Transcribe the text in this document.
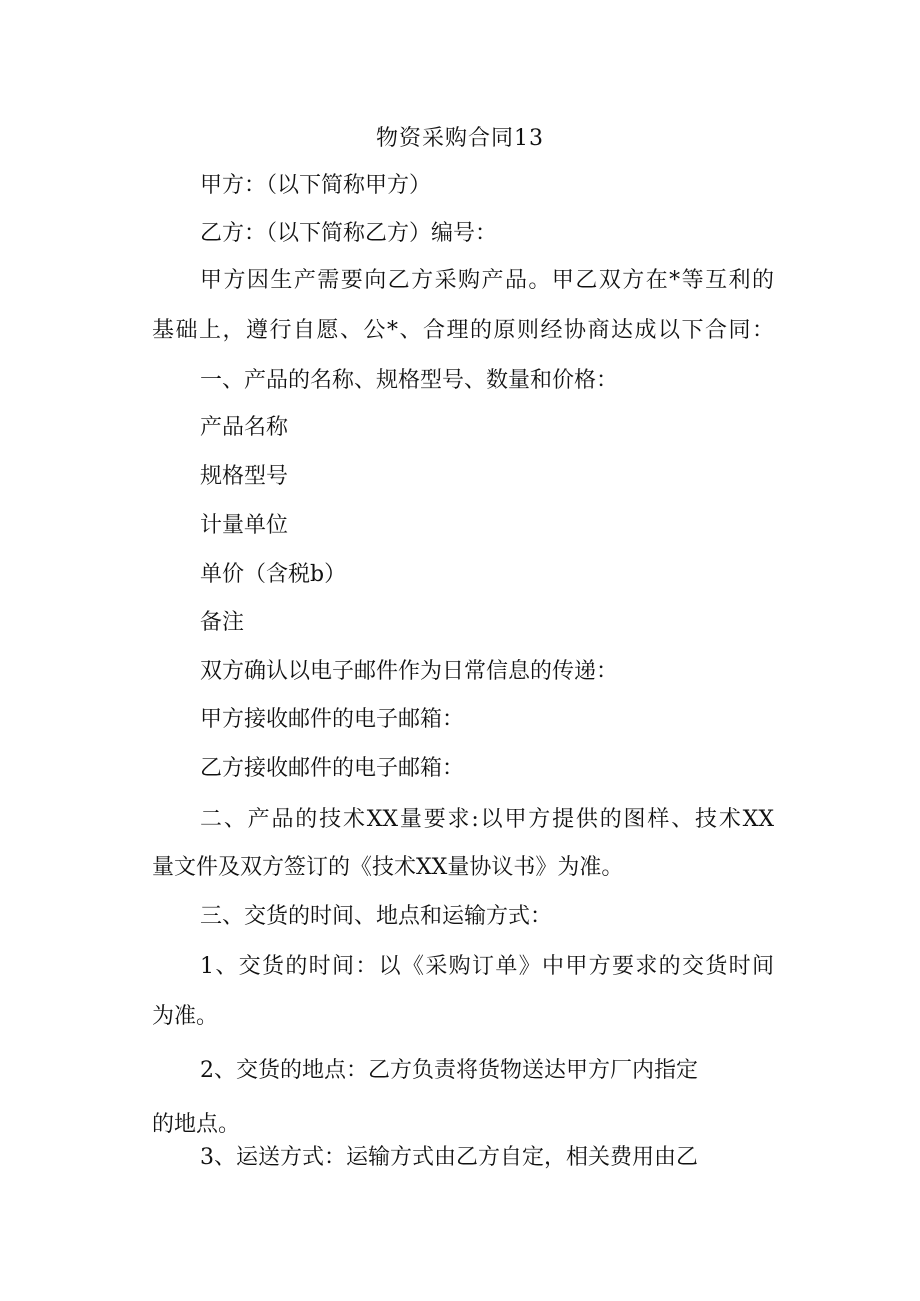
物资采购合同13
甲方：（以下简称甲方）
乙方：（以下简称乙方）编号：
甲方因生产需要向乙方采购产品。甲乙双方在*等互利的
基础上，遵行自愿、公*、合理的原则经协商达成以下合同：
一、产品的名称、规格型号、数量和价格：
产品名称
规格型号
计量单位
单价（含税b）
备注
双方确认以电子邮件作为日常信息的传递：
甲方接收邮件的电子邮箱：
乙方接收邮件的电子邮箱：
二、产品的技术XX量要求:以甲方提供的图样、技术XX
量文件及双方签订的《技术XX量协议书》为准。
三、交货的时间、地点和运输方式：
1、交货的时间：以《采购订单》中甲方要求的交货时间
为准。
2、交货的地点：乙方负责将货物送达甲方厂内指定
的地点。
3、运送方式：运输方式由乙方自定，相关费用由乙
